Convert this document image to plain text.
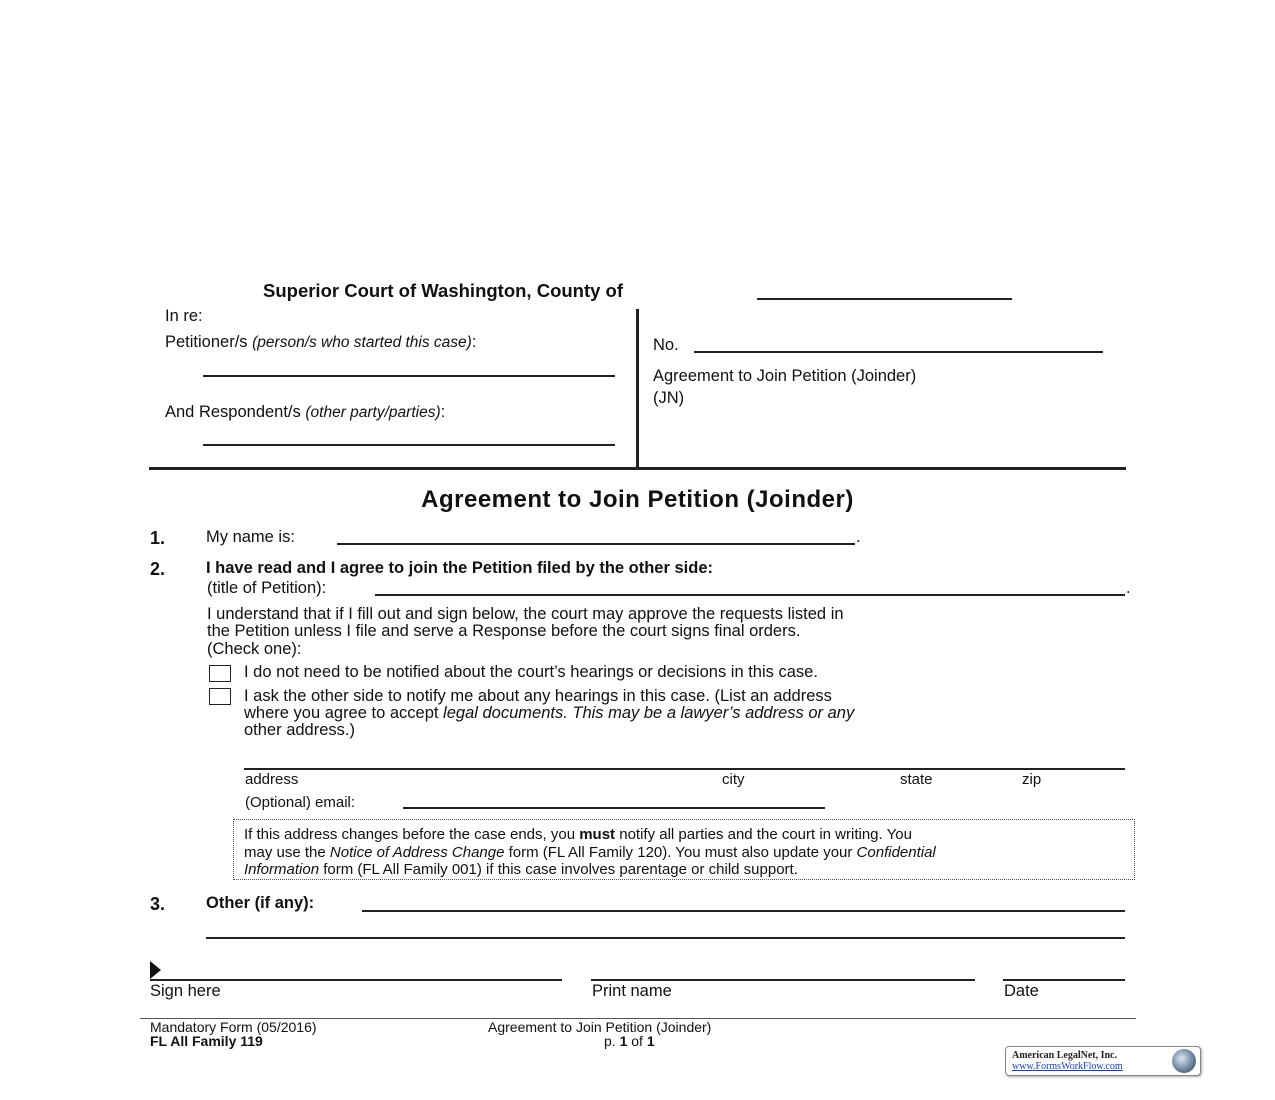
Superior Court of Washington, County of
In re:
Petitioner/s (person/s who started this case):
And Respondent/s (other party/parties):
No.
Agreement to Join Petition (Joinder)
(JN)
Agreement to Join Petition (Joinder)
1. My name is:	.
2. I have read and I agree to join the Petition filed by the other side:
(title of Petition):	.
I understand that if I fill out and sign below, the court may approve the requests listed in
the Petition unless I file and serve a Response before the court signs final orders.
(Check one):
I do not need to be notified about the court’s hearings or decisions in this case.
I ask the other side to notify me about any hearings in this case. (List an address
where you agree to accept legal documents. This may be a lawyer’s address or any
other address.)
address	city	state	zip
(Optional) email:
If this address changes before the case ends, you must notify all parties and the court in writing. You
may use the Notice of Address Change form (FL All Family 120). You must also update your Confidential
Information form (FL All Family 001) if this case involves parentage or child support.
3. Other (if any):
Sign here	Print name	Date
Mandatory Form (05/2016)
FL All Family 119
Agreement to Join Petition (Joinder)
p. 1 of 1
American LegalNet, Inc.
www.FormsWorkFlow.com
